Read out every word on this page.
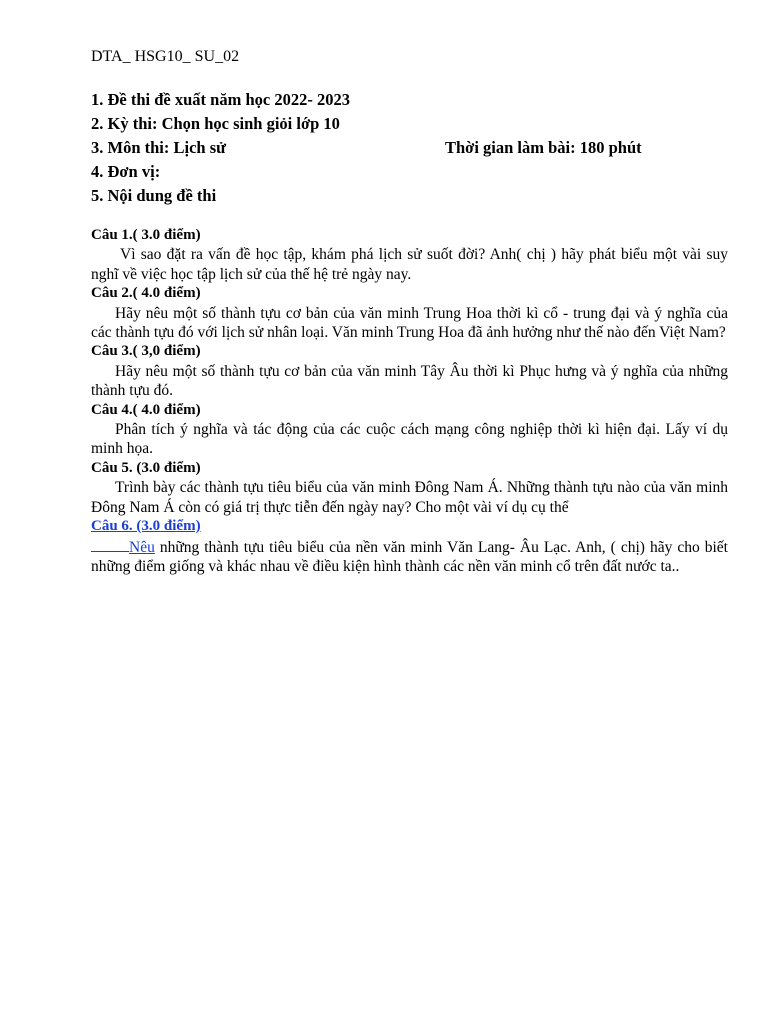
DTA_ HSG10_ SU_02
1. Đề thi đề xuất năm học 2022- 2023
2. Kỳ thi: Chọn học sinh giỏi lớp 10
3. Môn thi: Lịch sử	Thời gian làm bài: 180 phút
4. Đơn vị:
5. Nội dung đề thi
Câu 1.( 3.0 điểm)
Vì sao đặt ra vấn đề học tập, khám phá lịch sử suốt đời? Anh( chị ) hãy phát biểu một vài suy nghĩ về việc học tập lịch sử của thế hệ trẻ ngày nay.
Câu 2.( 4.0 điểm)
Hãy nêu một số thành tựu cơ bản của văn minh Trung Hoa thời kì cổ - trung đại và ý nghĩa của các thành tựu đó với lịch sử nhân loại. Văn minh Trung Hoa đã ảnh hưởng như thế nào đến Việt Nam?
Câu 3.( 3,0 điểm)
Hãy nêu một số thành tựu cơ bản của văn minh Tây Âu thời kì Phục hưng và ý nghĩa của những thành tựu đó.
Câu 4.( 4.0 điểm)
Phân tích ý nghĩa và tác động của các cuộc cách mạng công nghiệp thời kì hiện đại. Lấy ví dụ minh họa.
Câu 5. (3.0 điểm)
Trình bày các thành tựu tiêu biểu của văn minh Đông Nam Á. Những thành tựu nào của văn minh Đông Nam Á còn có giá trị thực tiễn đến ngày nay? Cho một vài ví dụ cụ thể
Câu 6. (3.0 điểm)
Nêu những thành tựu tiêu biểu của nền văn minh Văn Lang- Âu Lạc. Anh, ( chị) hãy cho biết những điểm giống và khác nhau về điều kiện hình thành các nền văn minh cổ trên đất nước ta..
